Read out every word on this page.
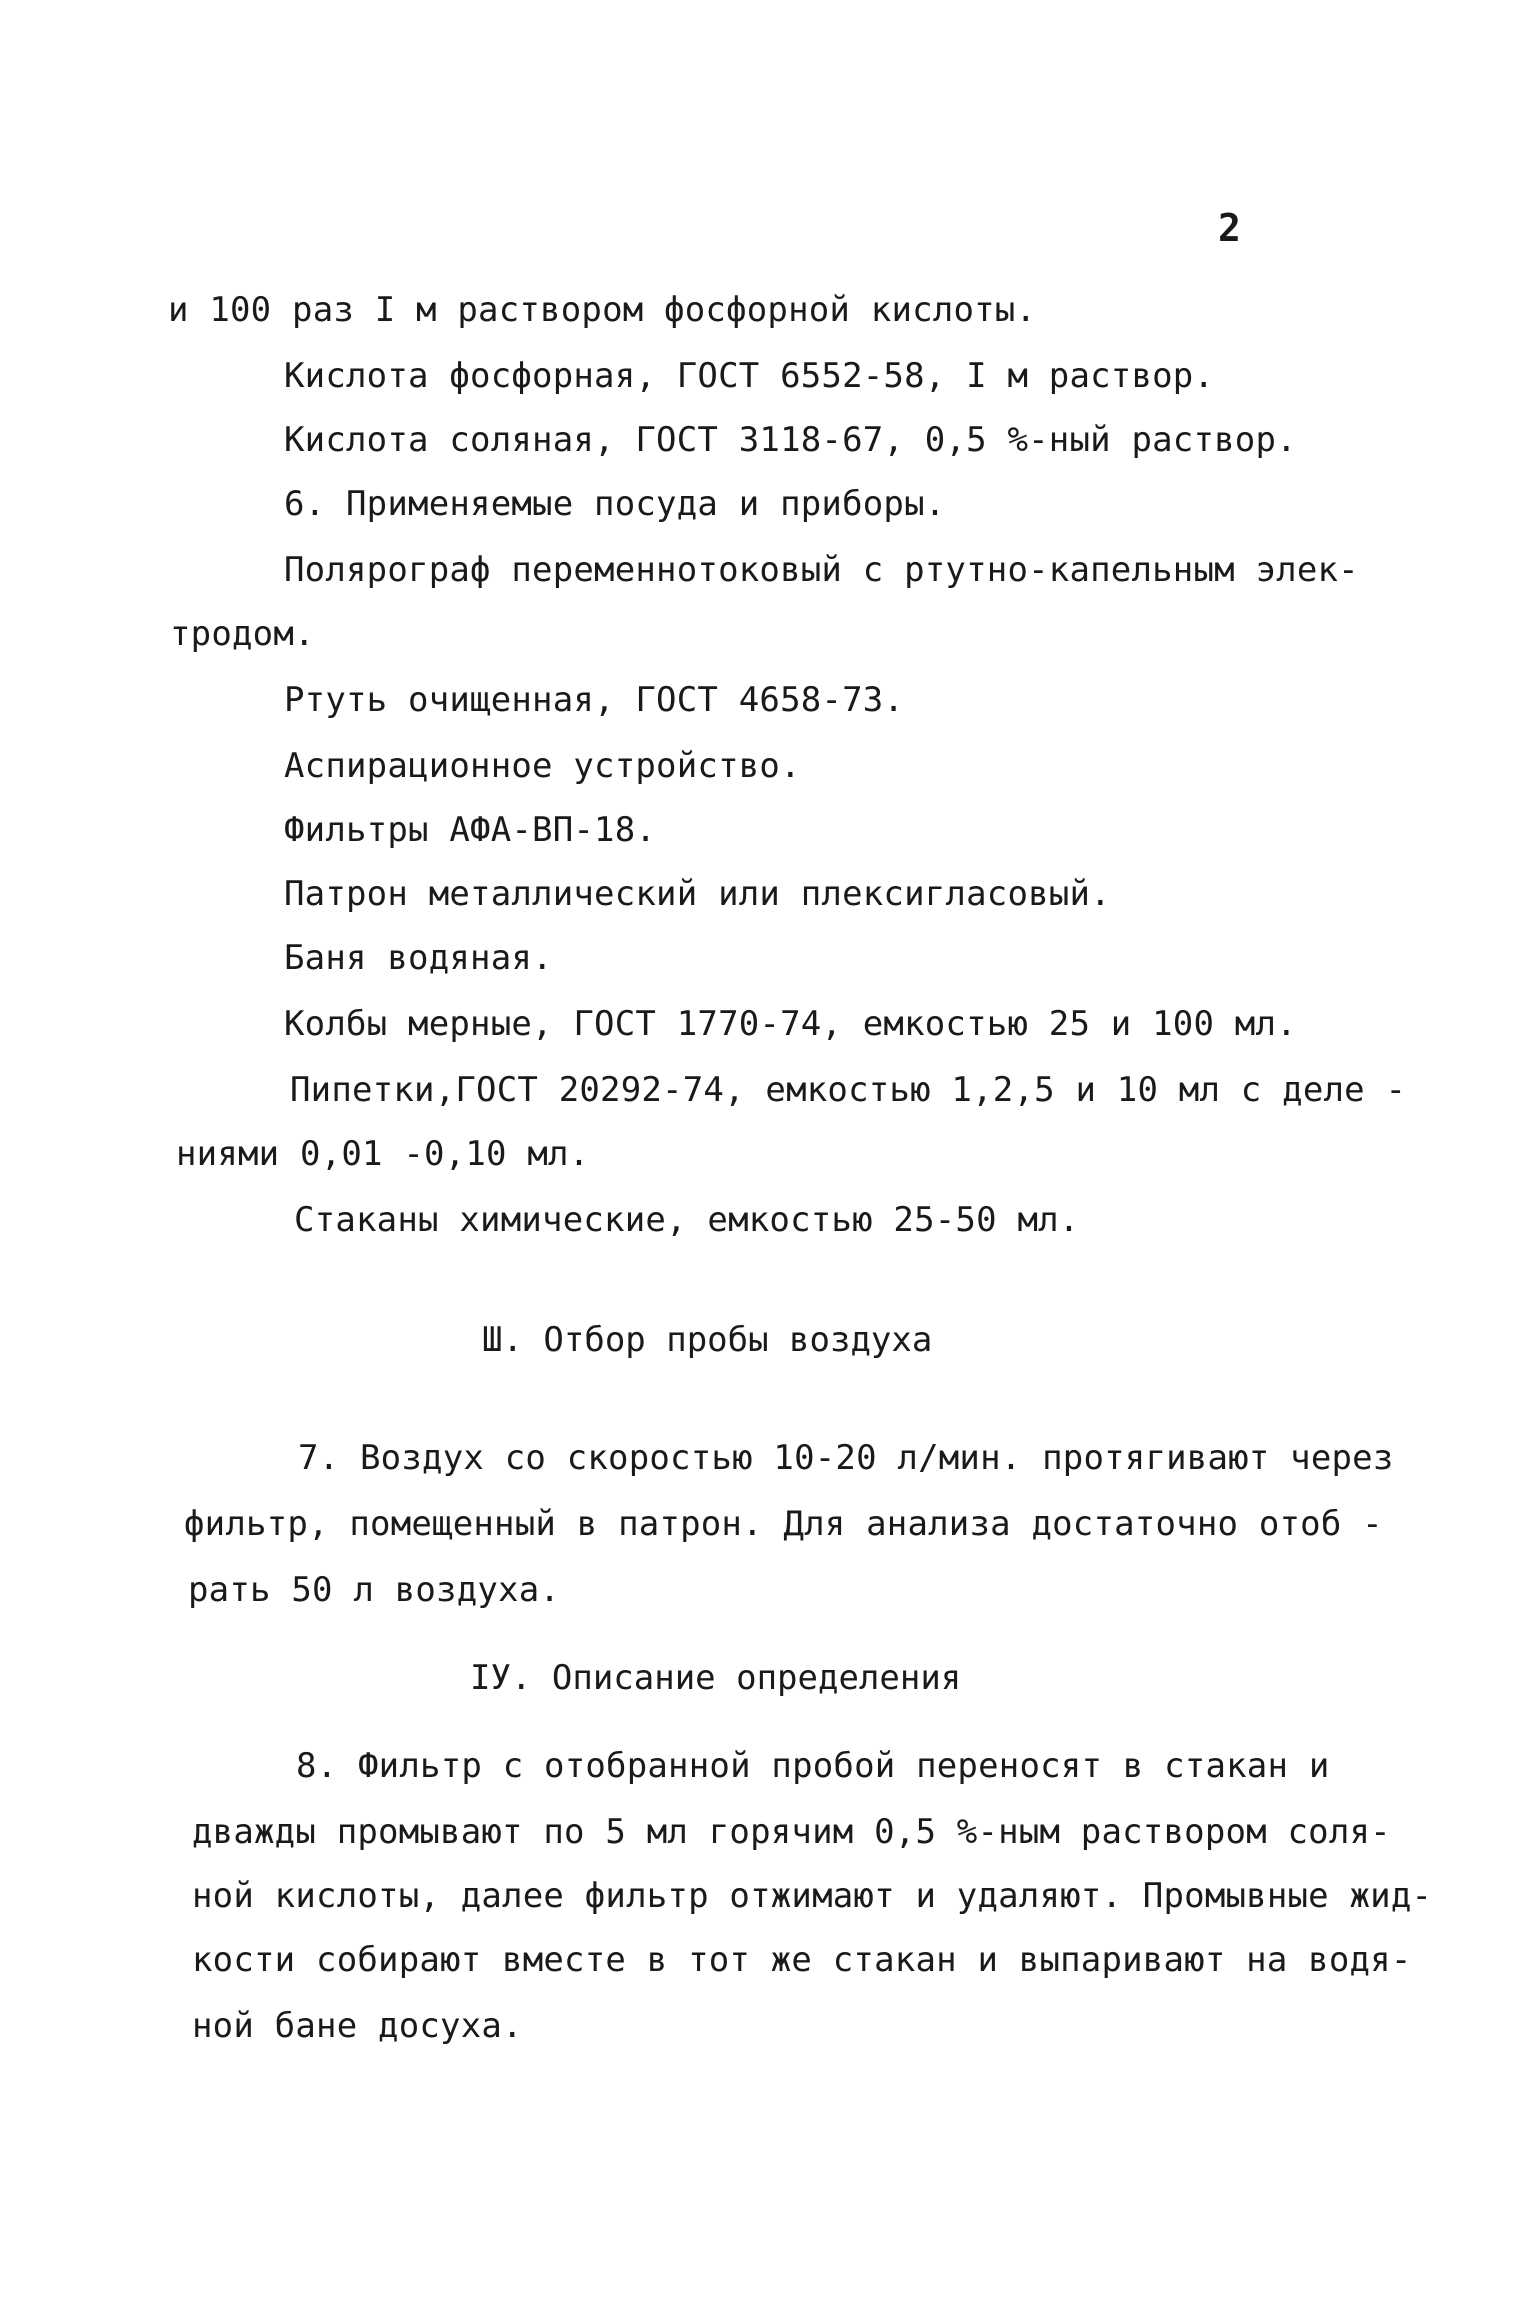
2
и 100 раз I м раствором фосфорной кислоты.
Кислота фосфорная, ГОСТ 6552-58, I м раствор.
Кислота соляная, ГОСТ 3118-67, 0,5 %-ный раствор.
6. Применяемые посуда и приборы.
Полярограф переменнотоковый с ртутно-капельным элек-
тродом.
Ртуть очищенная, ГОСТ 4658-73.
Аспирационное устройство.
Фильтры АФА-ВП-18.
Патрон металлический или плексигласовый.
Баня водяная.
Колбы мерные, ГОСТ 1770-74, емкостью 25 и 100 мл.
Пипетки,ГОСТ 20292-74, емкостью 1,2,5 и 10 мл с деле -
ниями 0,01 -0,10 мл.
Стаканы химические, емкостью 25-50 мл.
Ш. Отбор пробы воздуха
7. Воздух со скоростью 10-20 л/мин. протягивают через
фильтр, помещенный в патрон. Для анализа достаточно отоб -
рать 50 л воздуха.
IУ. Описание определения
8. Фильтр с отобранной пробой переносят в стакан и
дважды промывают по 5 мл горячим 0,5 %-ным раствором соля-
ной кислоты, далее фильтр отжимают и удаляют. Промывные жид-
кости собирают вместе в тот же стакан и выпаривают на водя-
ной бане досуха.
